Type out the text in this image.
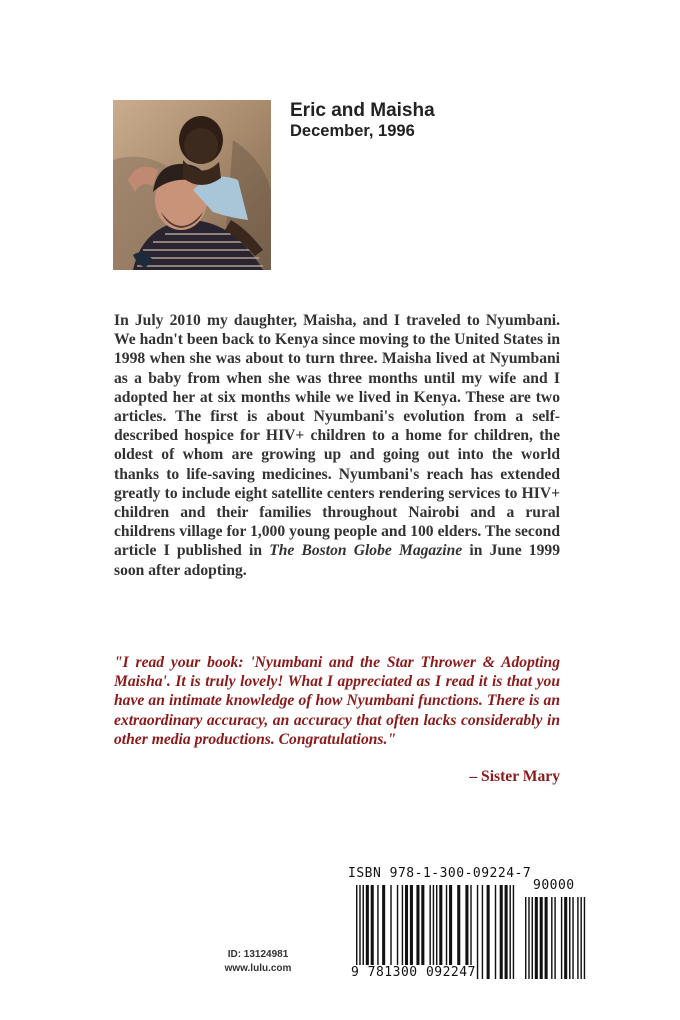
Eric and Maisha
December, 1996

In July 2010 my daughter, Maisha, and I traveled to Nyumbani. We hadn't been back to Kenya since moving to the United States in 1998 when she was about to turn three. Maisha lived at Nyumbani as a baby from when she was three months until my wife and I adopted her at six months while we lived in Kenya. These are two articles. The first is about Nyumbani's evolution from a self-described hospice for HIV+ children to a home for children, the oldest of whom are growing up and going out into the world thanks to life-saving medicines. Nyumbani's reach has extended greatly to include eight satellite centers rendering services to HIV+ children and their families throughout Nairobi and a rural childrens village for 1,000 young people and 100 elders. The second article I published in The Boston Globe Magazine in June 1999 soon after adopting.

"I read your book: 'Nyumbani and the Star Thrower & Adopting Maisha'. It is truly lovely! What I appreciated as I read it is that you have an intimate knowledge of how Nyumbani functions. There is an extraordinary accuracy, an accuracy that often lacks considerably in other media productions. Congratulations."

– Sister Mary
ID: 13124981
www.lulu.com
ISBN 978-1-300-09224-7
90000
9 781300 092247
